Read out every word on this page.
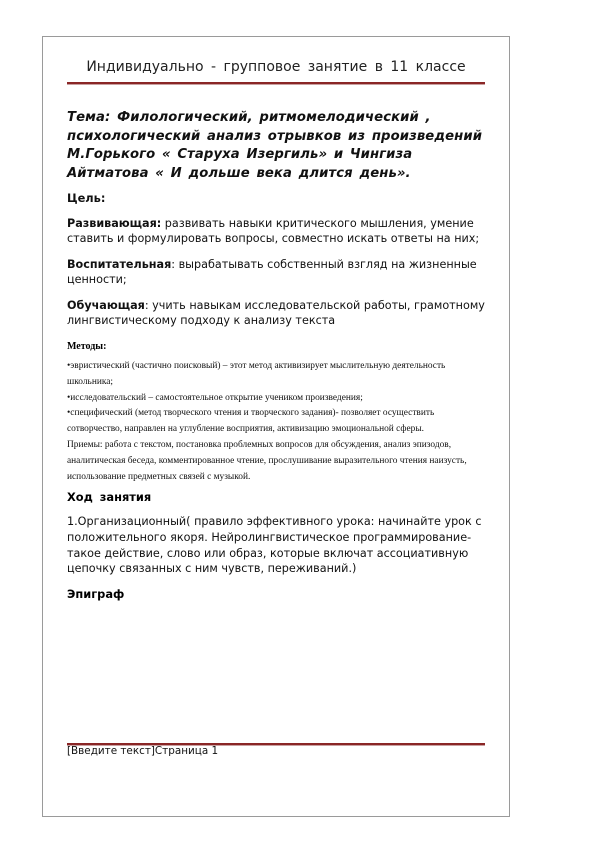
Индивидуально - групповое занятие в 11 классе
Тема: Филологический, ритмомелодический , психологический анализ отрывков из произведений М.Горького « Старуха Изергиль» и Чингиза Айтматова « И дольше века длится день».
Цель:
Развивающая: развивать навыки критического мышления, умение ставить и формулировать вопросы, совместно искать ответы на них;
Воспитательная: вырабатывать собственный взгляд на жизненные ценности;
Обучающая: учить навыкам исследовательской работы, грамотному лингвистическому подходу к анализу текста
Методы:
•эвристический (частично поисковый) – этот метод активизирует мыслительную деятельность школьника;
•исследовательский – самостоятельное открытие учеником произведения;
•специфический (метод творческого чтения и творческого задания)- позволяет осуществить сотворчество, направлен на углубление восприятия, активизацию эмоциональной сферы.
Приемы: работа с текстом, постановка проблемных вопросов для обсуждения, анализ эпизодов, аналитическая беседа, комментированное чтение, прослушивание выразительного чтения наизусть, использование предметных связей с музыкой.
Ход занятия
1.Организационный( правило эффективного урока: начинайте урок с положительного якоря. Нейролингвистическое программирование- такое действие, слово или образ, которые включат ассоциативную цепочку связанных с ним чувств, переживаний.)
Эпиграф
[Введите текст]Страница 1
